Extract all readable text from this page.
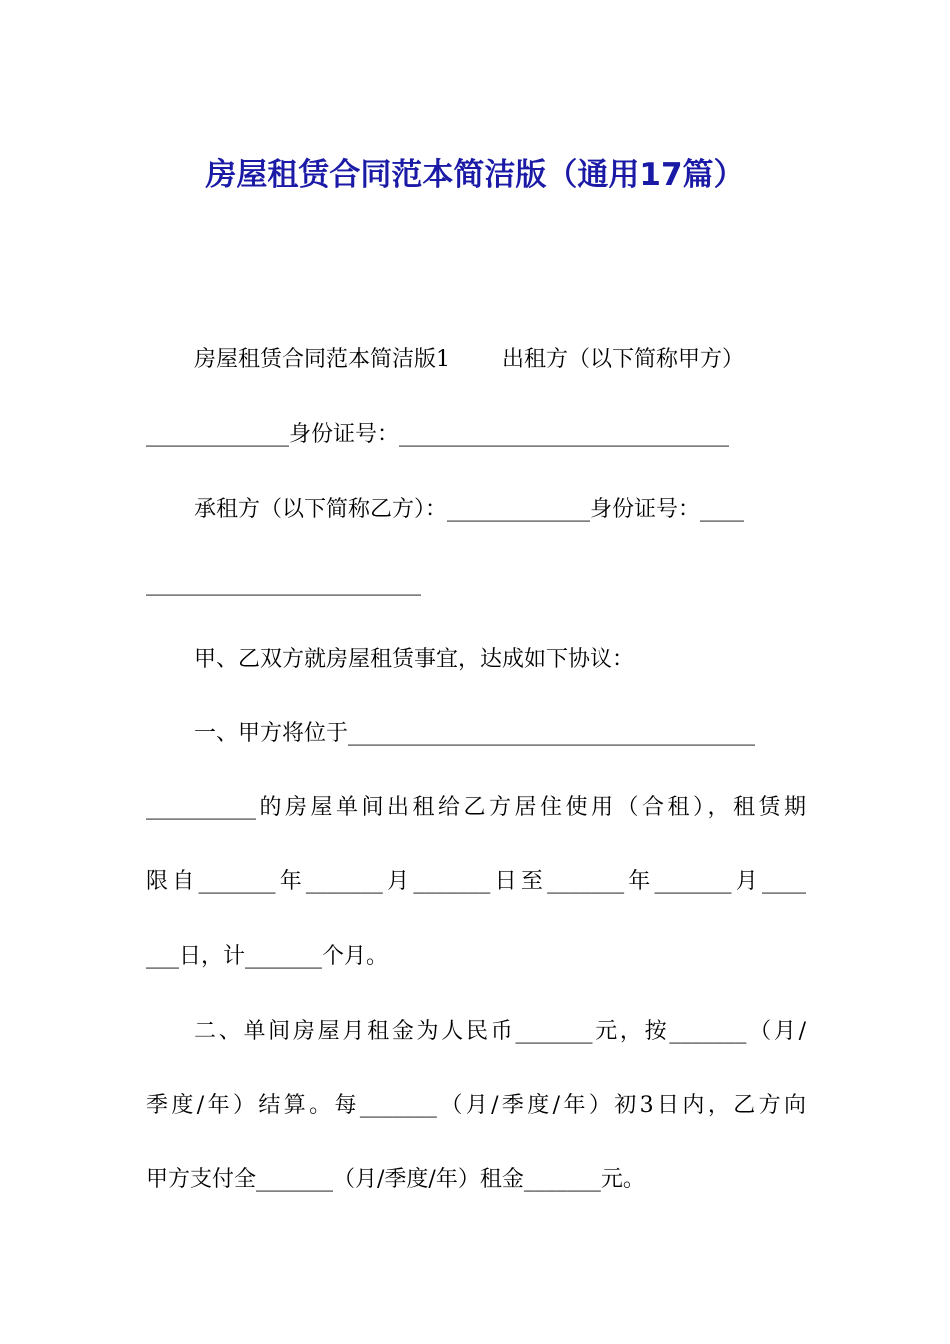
房屋租赁合同范本简洁版（通用17篇）
房屋租赁合同范本简洁版1 出租方（以下简称甲方）
_____________身份证号：______________________________
承租方（以下简称乙方）：_____________身份证号：____
_________________________
甲、乙双方就房屋租赁事宜，达成如下协议：
一、甲方将位于_____________________________________
__________的房屋单间出租给乙方居住使用（合租），租赁期
限自_______年_______月_______日至_______年_______月____
___日，计_______个月。
二、单间房屋月租金为人民币_______元，按_______（月/
季度/年）结算。每_______（月/季度/年）初3日内，乙方向
甲方支付全_______（月/季度/年）租金_______元。
